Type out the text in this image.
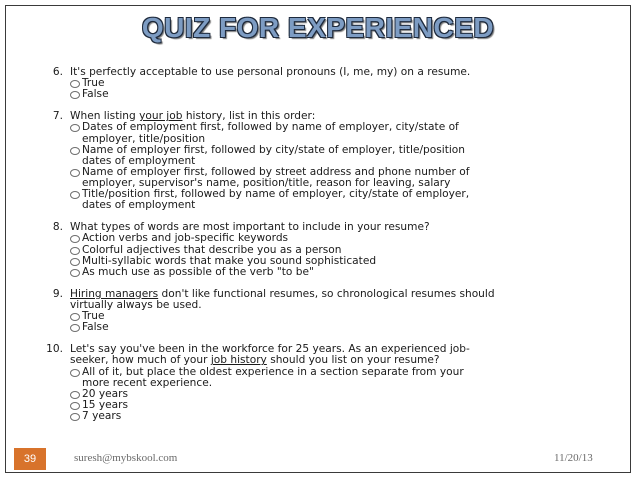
QUIZ FOR EXPERIENCED
6. It's perfectly acceptable to use personal pronouns (I, me, my) on a resume.
True
False
7. When listing your job history, list in this order:
Dates of employment first, followed by name of employer, city/state of
employer, title/position
Name of employer first, followed by city/state of employer, title/position
dates of employment
Name of employer first, followed by street address and phone number of
employer, supervisor's name, position/title, reason for leaving, salary
Title/position first, followed by name of employer, city/state of employer,
dates of employment
8. What types of words are most important to include in your resume?
Action verbs and job-specific keywords
Colorful adjectives that describe you as a person
Multi-syllabic words that make you sound sophisticated
As much use as possible of the verb "to be"
9. Hiring managers don't like functional resumes, so chronological resumes should
virtually always be used.
True
False
10. Let's say you've been in the workforce for 25 years. As an experienced job-
seeker, how much of your job history should you list on your resume?
All of it, but place the oldest experience in a section separate from your
more recent experience.
20 years
15 years
7 years
39	suresh@mybskool.com	11/20/13
